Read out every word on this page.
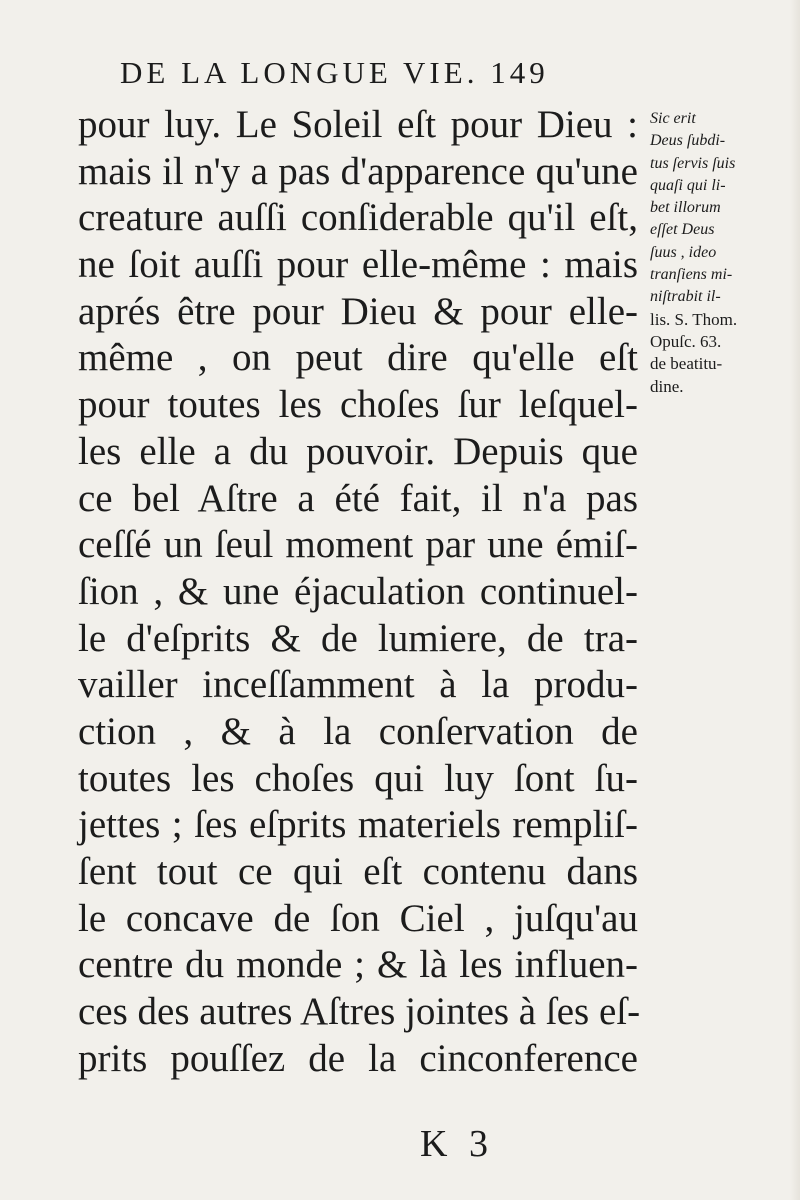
DE LA LONGUE VIE. 149
pour luy. Le Soleil eſt pour Dieu :
mais il n'y a pas d'apparence qu'une
creature auſſi conſiderable qu'il eſt,
ne ſoit auſſi pour elle-même : mais
aprés être pour Dieu & pour elle-
même , on peut dire qu'elle eſt
pour toutes les choſes ſur leſquel-
les elle a du pouvoir. Depuis que
ce bel Aſtre a été fait, il n'a pas
ceſſé un ſeul moment par une émiſ-
ſion , & une éjaculation continuel-
le d'eſprits & de lumiere, de tra-
vailler inceſſamment à la produ-
ction , & à la conſervation de
toutes les choſes qui luy ſont ſu-
jettes ; ſes eſprits materiels rempliſ-
ſent tout ce qui eſt contenu dans
le concave de ſon Ciel , juſqu'au
centre du monde ; & là les influen-
ces des autres Aſtres jointes à ſes eſ-
prits pouſſez de la cinconference
Sic erit
Deus ſubdi-
tus ſervis ſuis
quaſi qui li-
bet illorum
eſſet Deus
ſuus , ideo
tranſiens mi-
niſtrabit il-
lis. S. Thom.
Opuſc. 63.
de beatitu-
dine.
K 3
